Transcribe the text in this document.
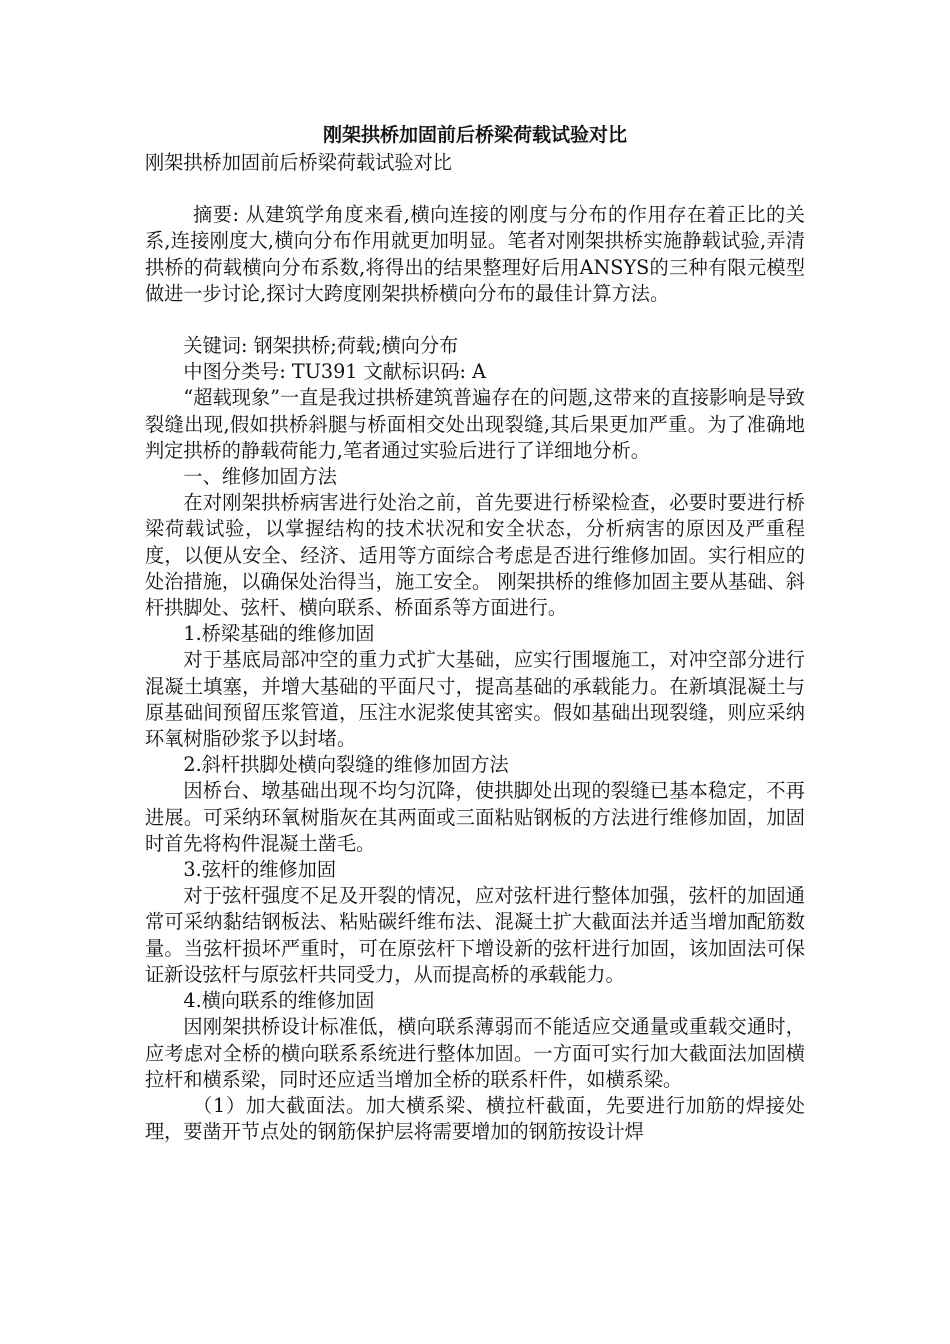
刚架拱桥加固前后桥梁荷载试验对比

刚架拱桥加固前后桥梁荷载试验对比

摘要: 从建筑学角度来看,横向连接的刚度与分布的作用存在着正比的关系,连接刚度大,横向分布作用就更加明显。笔者对刚架拱桥实施静载试验,弄清拱桥的荷载横向分布系数,将得出的结果整理好后用ANSYS的三种有限元模型做进一步讨论,探讨大跨度刚架拱桥横向分布的最佳计算方法。

关键词: 钢架拱桥;荷载;横向分布

中图分类号: TU391 文献标识码: A

“超载现象”一直是我过拱桥建筑普遍存在的问题,这带来的直接影响是导致裂缝出现,假如拱桥斜腿与桥面相交处出现裂缝,其后果更加严重。为了准确地判定拱桥的静载荷能力,笔者通过实验后进行了详细地分析。

一、维修加固方法

在对刚架拱桥病害进行处治之前，首先要进行桥梁检查，必要时要进行桥梁荷载试验，以掌握结构的技术状况和安全状态，分析病害的原因及严重程度，以便从安全、经济、适用等方面综合考虑是否进行维修加固。实行相应的处治措施，以确保处治得当，施工安全。 刚架拱桥的维修加固主要从基础、斜杆拱脚处、弦杆、横向联系、桥面系等方面进行。

1.桥梁基础的维修加固

对于基底局部冲空的重力式扩大基础，应实行围堰施工，对冲空部分进行混凝土填塞，并增大基础的平面尺寸，提高基础的承载能力。在新填混凝土与原基础间预留压浆管道，压注水泥浆使其密实。假如基础出现裂缝，则应采纳环氧树脂砂浆予以封堵。

2.斜杆拱脚处横向裂缝的维修加固方法

因桥台、墩基础出现不均匀沉降，使拱脚处出现的裂缝已基本稳定，不再进展。可采纳环氧树脂灰在其两面或三面粘贴钢板的方法进行维修加固，加固时首先将构件混凝土凿毛。

3.弦杆的维修加固

对于弦杆强度不足及开裂的情况，应对弦杆进行整体加强，弦杆的加固通常可采纳黏结钢板法、粘贴碳纤维布法、混凝土扩大截面法并适当增加配筋数量。当弦杆损坏严重时，可在原弦杆下增设新的弦杆进行加固，该加固法可保证新设弦杆与原弦杆共同受力，从而提高桥的承载能力。

4.横向联系的维修加固

因刚架拱桥设计标准低，横向联系薄弱而不能适应交通量或重载交通时，应考虑对全桥的横向联系系统进行整体加固。一方面可实行加大截面法加固横拉杆和横系梁，同时还应适当增加全桥的联系杆件，如横系梁。

（1）加大截面法。加大横系梁、横拉杆截面，先要进行加筋的焊接处理，要凿开节点处的钢筋保护层将需要增加的钢筋按设计焊
